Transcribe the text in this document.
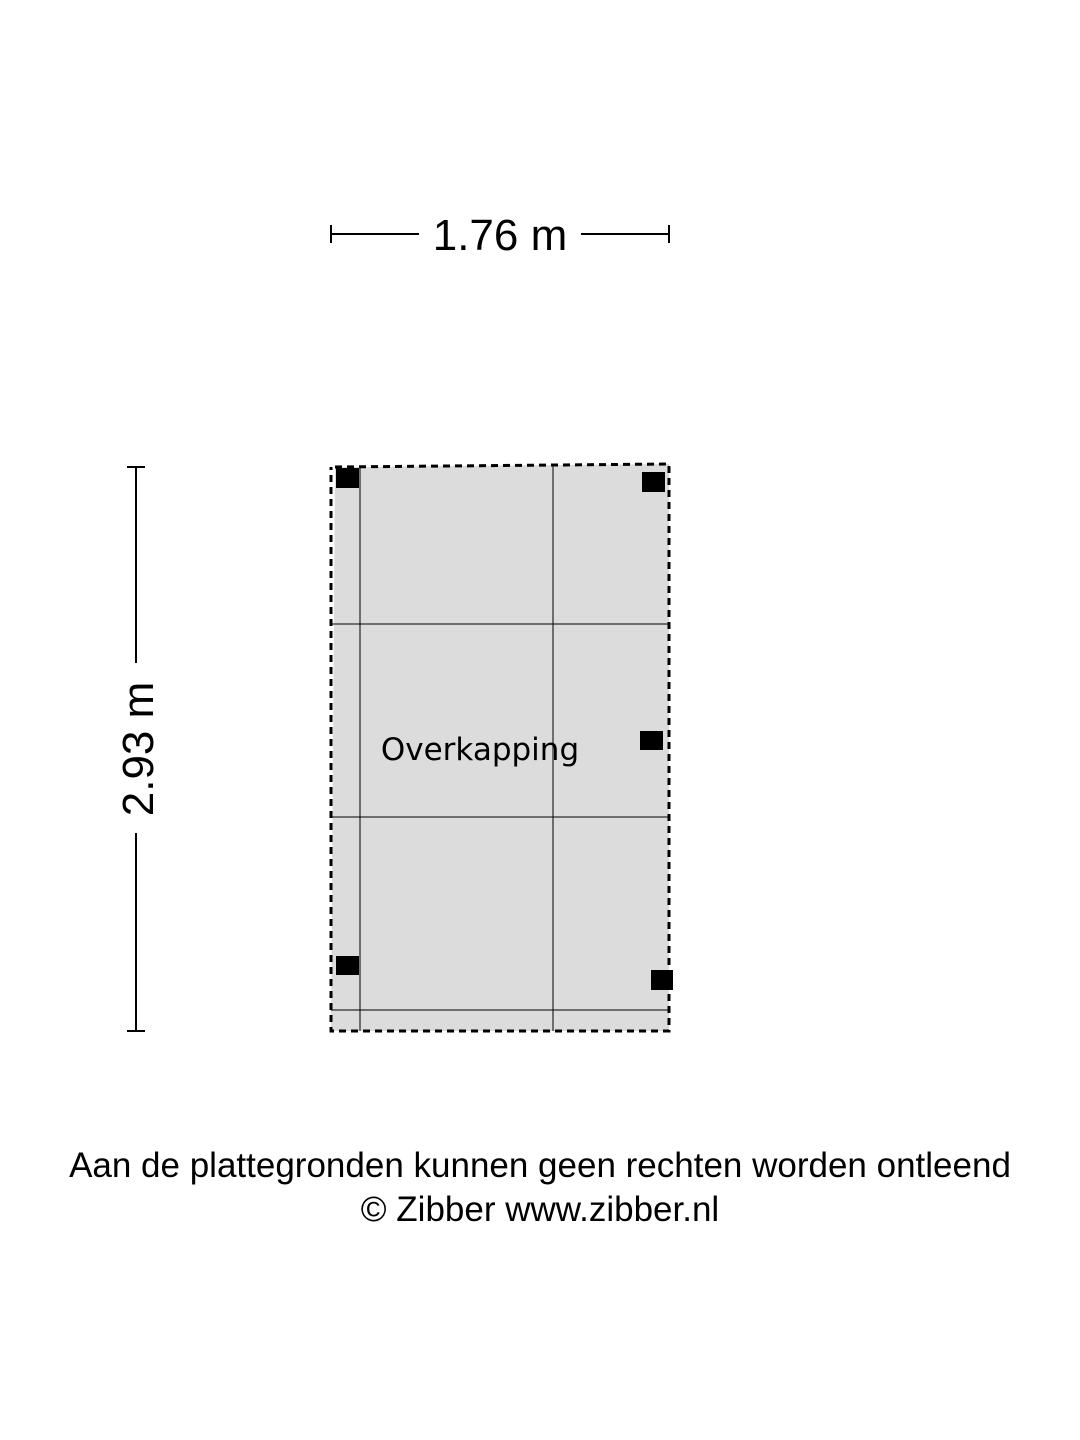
1.76 m
2.93 m	Overkapping
Aan de plattegronden kunnen geen rechten worden ontleend
© Zibber www.zibber.nl
